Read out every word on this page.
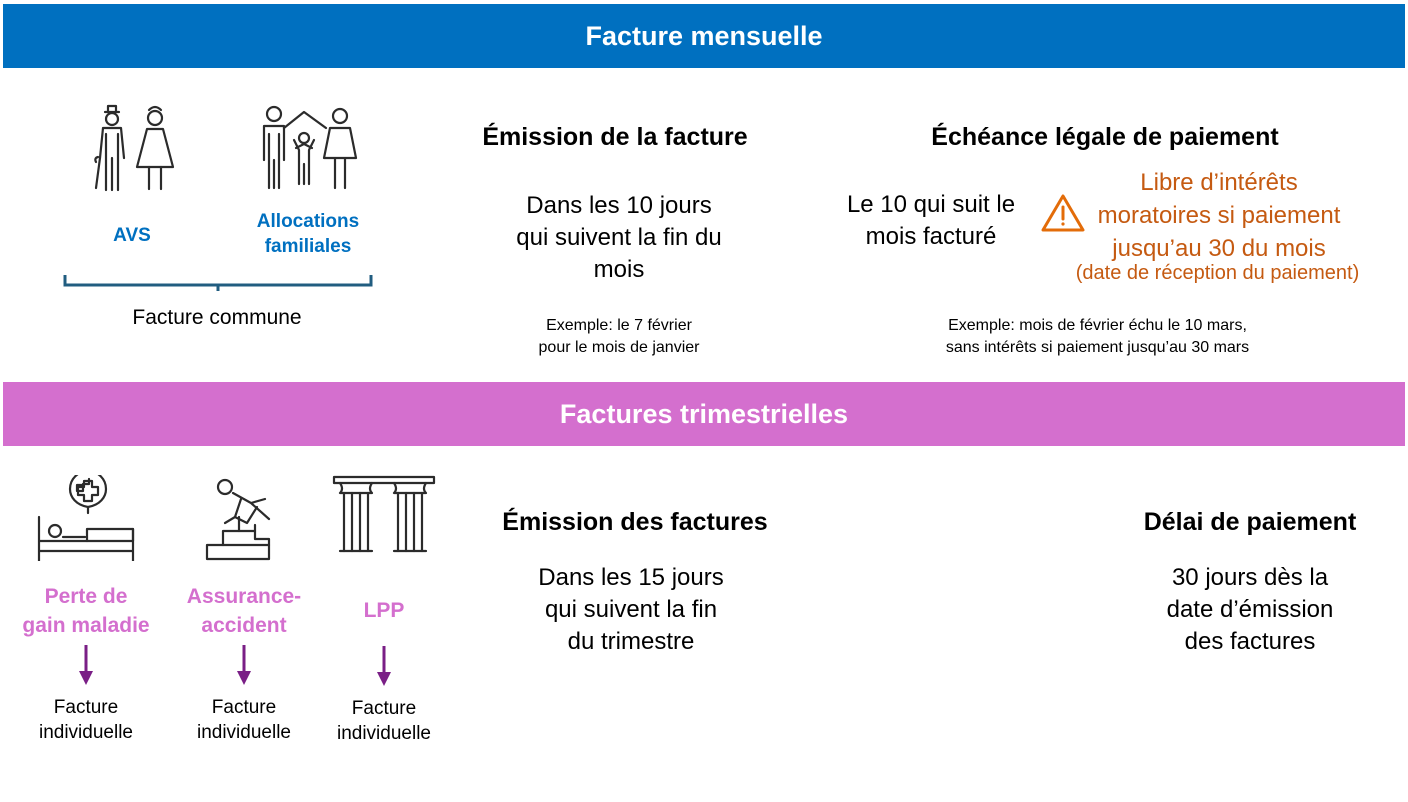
Facture mensuelle
AVS
Allocations
familiales
Facture commune
Émission de la facture
Dans les 10 jours
qui suivent la fin du
mois
Exemple: le 7 février
pour le mois de janvier
Échéance légale de paiement
Le 10 qui suit le
mois facturé
Libre d’intérêts
moratoires si paiement
jusqu’au 30 du mois
(date de réception du paiement)
Exemple: mois de février échu le 10 mars,
sans intérêts si paiement jusqu’au 30 mars
Factures trimestrielles
Perte de
gain maladie
Assurance-
accident
LPP
Facture
individuelle
Facture
individuelle
Facture
individuelle
Émission des factures
Dans les 15 jours
qui suivent la fin
du trimestre
Délai de paiement
30 jours dès la
date d’émission
des factures
